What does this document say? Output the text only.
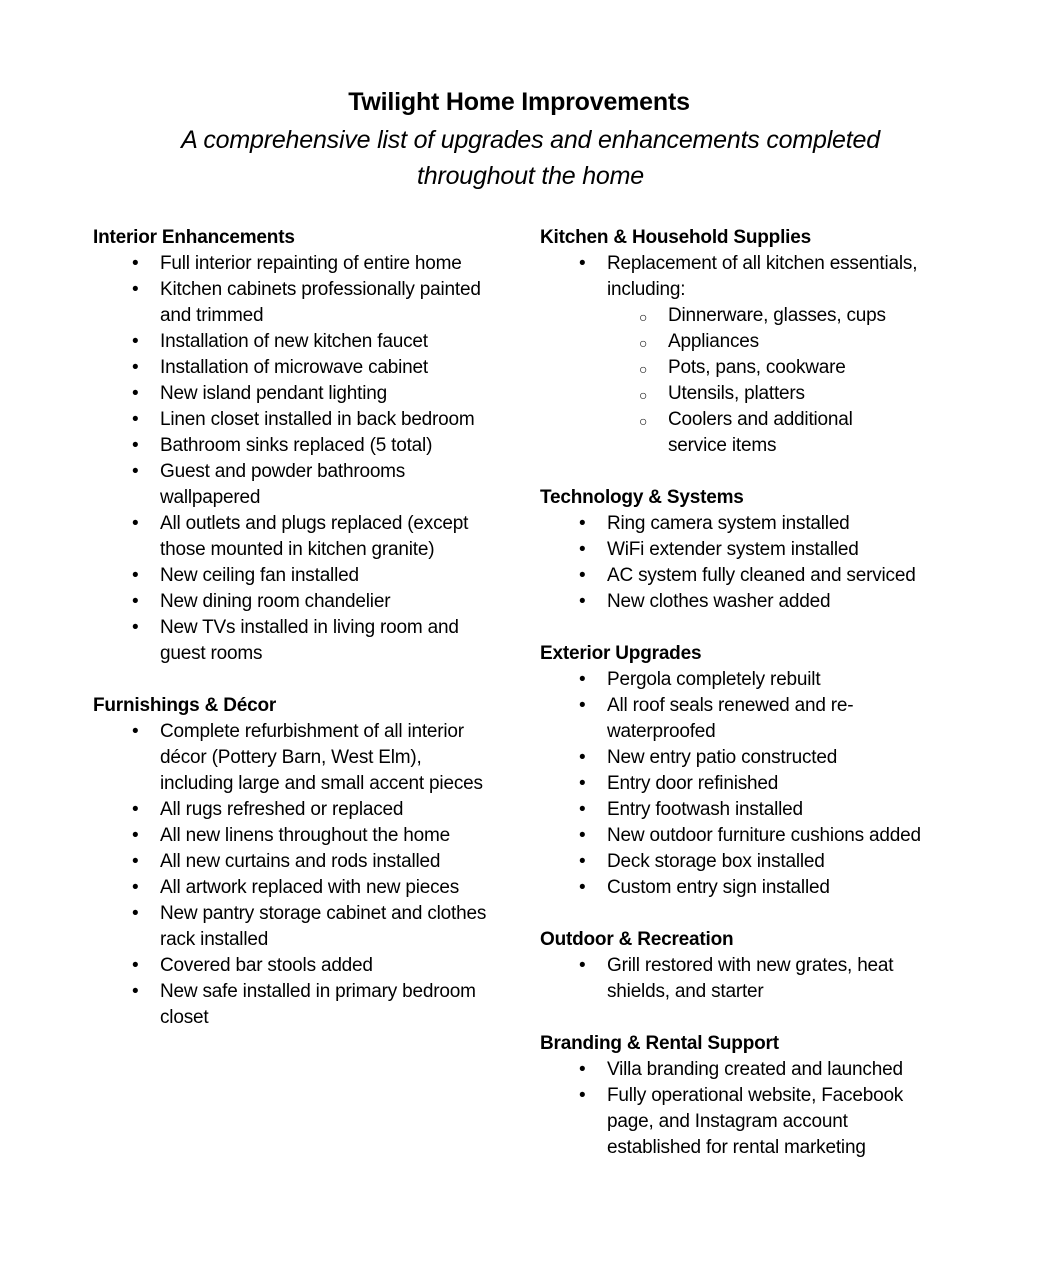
Twilight Home Improvements

A comprehensive list of upgrades and enhancements completed throughout the home

Interior Enhancements
• Full interior repainting of entire home
• Kitchen cabinets professionally painted and trimmed
• Installation of new kitchen faucet
• Installation of microwave cabinet
• New island pendant lighting
• Linen closet installed in back bedroom
• Bathroom sinks replaced (5 total)
• Guest and powder bathrooms wallpapered
• All outlets and plugs replaced (except those mounted in kitchen granite)
• New ceiling fan installed
• New dining room chandelier
• New TVs installed in living room and guest rooms
Furnishings & Décor
• Complete refurbishment of all interior décor (Pottery Barn, West Elm), including large and small accent pieces
• All rugs refreshed or replaced
• All new linens throughout the home
• All new curtains and rods installed
• All artwork replaced with new pieces
• New pantry storage cabinet and clothes rack installed
• Covered bar stools added
• New safe installed in primary bedroom closet
Kitchen & Household Supplies
• Replacement of all kitchen essentials, including:
○ Dinnerware, glasses, cups
○ Appliances
○ Pots, pans, cookware
○ Utensils, platters
○ Coolers and additional service items
Technology & Systems
• Ring camera system installed
• WiFi extender system installed
• AC system fully cleaned and serviced
• New clothes washer added
Exterior Upgrades
• Pergola completely rebuilt
• All roof seals renewed and re-waterproofed
• New entry patio constructed
• Entry door refinished
• Entry footwash installed
• New outdoor furniture cushions added
• Deck storage box installed
• Custom entry sign installed
Outdoor & Recreation
• Grill restored with new grates, heat shields, and starter
Branding & Rental Support
• Villa branding created and launched
• Fully operational website, Facebook page, and Instagram account established for rental marketing
